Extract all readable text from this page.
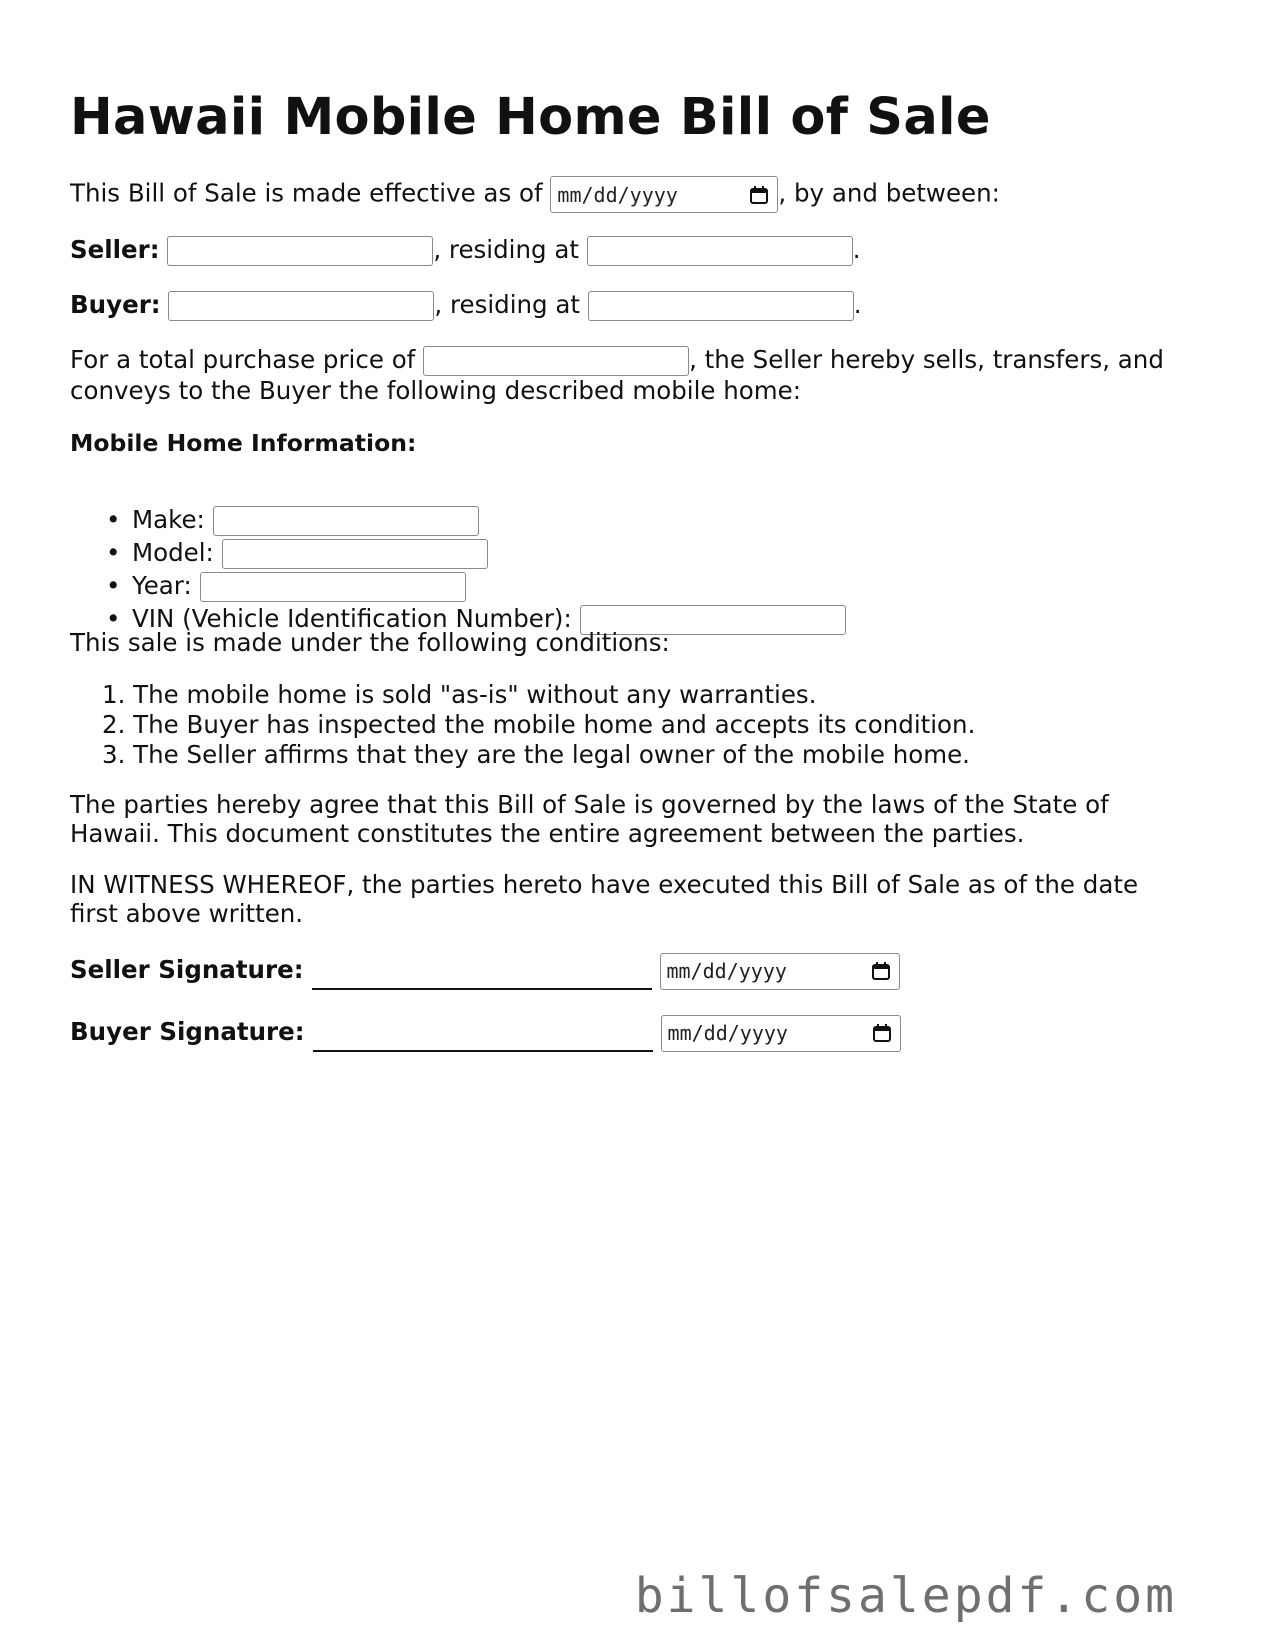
Hawaii Mobile Home Bill of Sale
This Bill of Sale is made effective as of mm/dd/yyyy	, by and between:
Seller:	, residing at	.
Buyer:	, residing at	.
For a total purchase price of	, the Seller hereby sells, transfers, and
conveys to the Buyer the following described mobile home:
Mobile Home Information:
• Make:
• Model:
• Year:
• VIN (Vehicle Identification Number):
This sale is made under the following conditions:
1. The mobile home is sold "as-is" without any warranties.
2. The Buyer has inspected the mobile home and accepts its condition.
3. The Seller affirms that they are the legal owner of the mobile home.
The parties hereby agree that this Bill of Sale is governed by the laws of the State of
Hawaii. This document constitutes the entire agreement between the parties.
IN WITNESS WHEREOF, the parties hereto have executed this Bill of Sale as of the date
first above written.
Seller Signature:	mm/dd/yyyy
Buyer Signature:	mm/dd/yyyy
billofsalepdf.com
